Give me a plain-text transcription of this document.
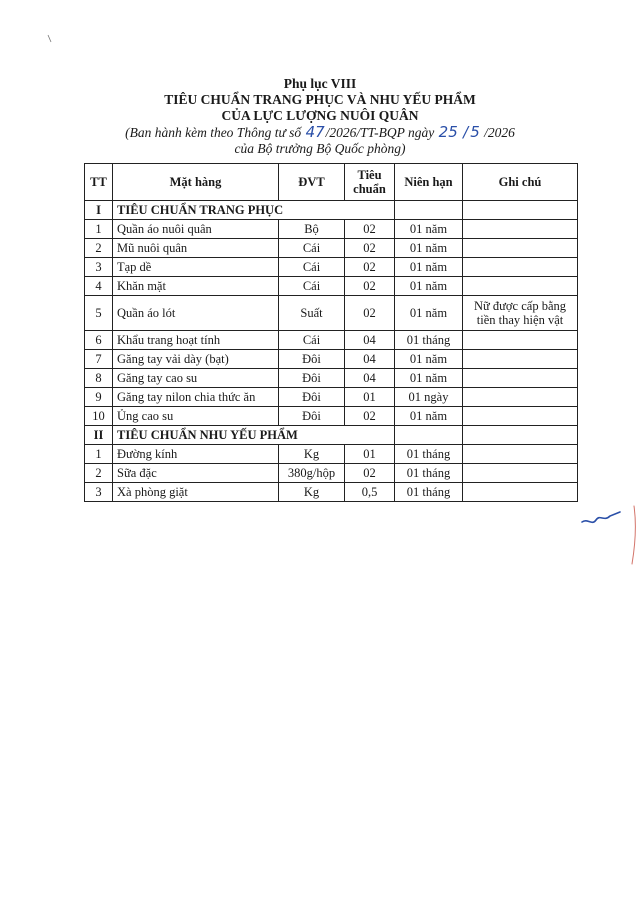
Phụ lục VIII
TIÊU CHUẨN TRANG PHỤC VÀ NHU YẾU PHẨM
CỦA LỰC LƯỢNG NUÔI QUÂN
(Ban hành kèm theo Thông tư số 47/2026/TT-BQP ngày 25 / 5 /2026
của Bộ trưởng Bộ Quốc phòng)
TT	Mặt hàng	ĐVT	Tiêu chuẩn	Niên hạn	Ghi chú
I	TIÊU CHUẨN TRANG PHỤC				
1	Quần áo nuôi quân	Bộ	02	01 năm	
2	Mũ nuôi quân	Cái	02	01 năm	
3	Tạp dề	Cái	02	01 năm	
4	Khăn mặt	Cái	02	01 năm	
5	Quần áo lót	Suất	02	01 năm	Nữ được cấp bằng tiền thay hiện vật
6	Khẩu trang hoạt tính	Cái	04	01 tháng	
7	Găng tay vải dày (bạt)	Đôi	04	01 năm	
8	Găng tay cao su	Đôi	04	01 năm	
9	Găng tay nilon chia thức ăn	Đôi	01	01 ngày	
10	Ủng cao su	Đôi	02	01 năm	
II	TIÊU CHUẨN NHU YẾU PHẨM				
1	Đường kính	Kg	01	01 tháng	
2	Sữa đặc	380g/hộp	02	01 tháng	
3	Xà phòng giặt	Kg	0,5	01 tháng	
